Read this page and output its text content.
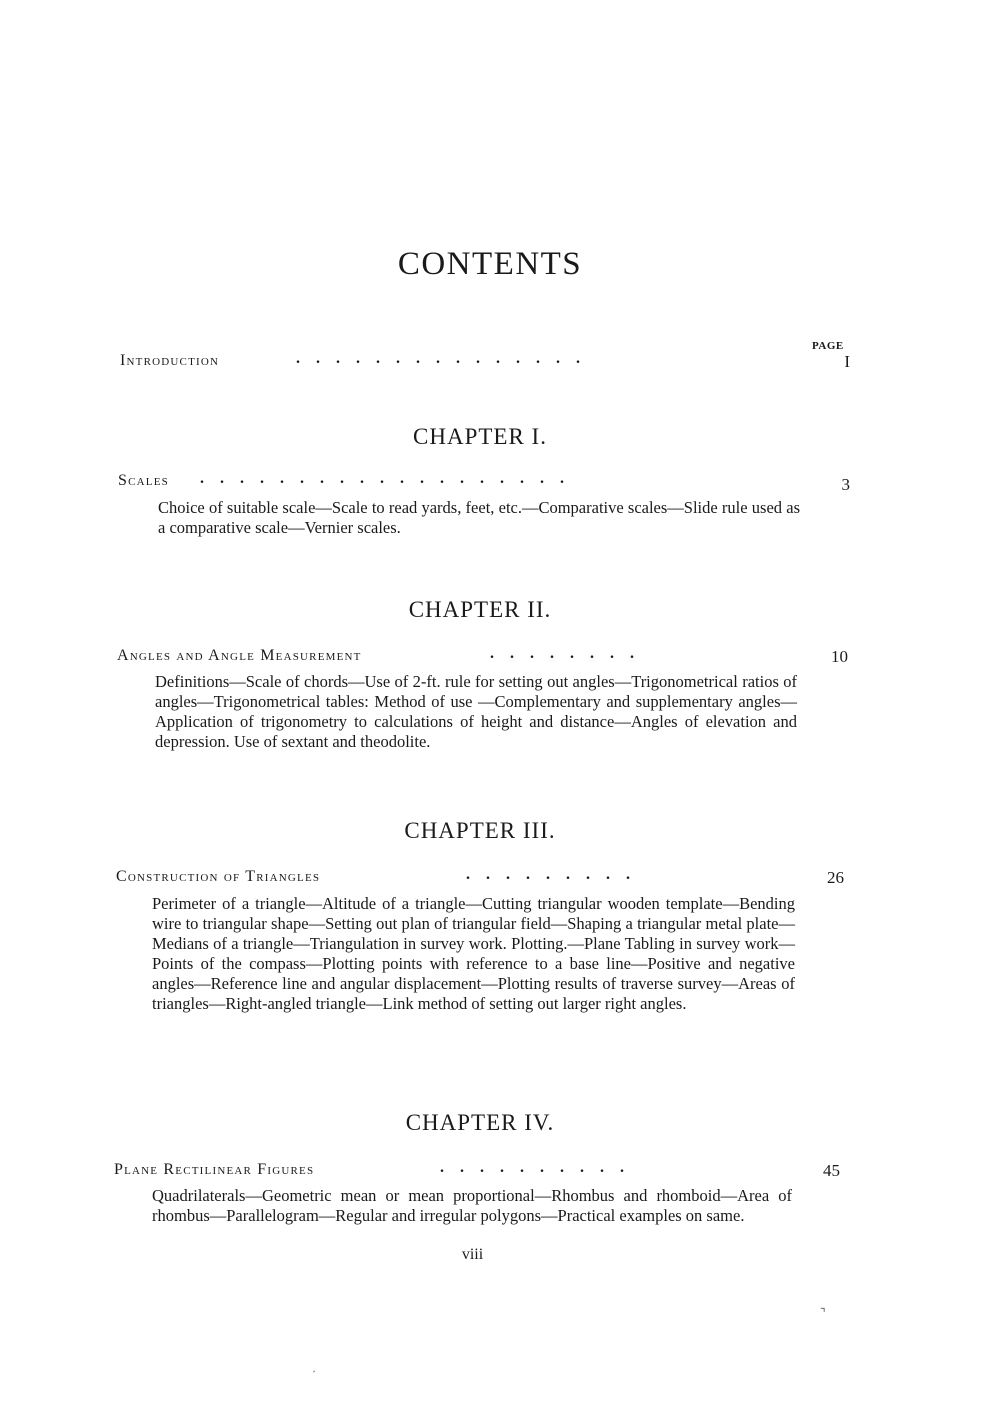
CONTENTS
PAGE
Introduction	.    .    .    .    .    .    .    .    .    .    .    .    .    .    .	I
CHAPTER I.
Scales .    .    .    .    .    .    .    .    .    .    .    .    .    .    .    .    .    .    .	3
Choice of suitable scale—Scale to read yards, feet, etc.—Comparative scales—Slide rule used as a comparative scale—Vernier scales.
CHAPTER II.
Angles and Angle Measurement	.    .    .    .    .    .    .    .	10
Definitions—Scale of chords—Use of 2-ft. rule for setting out angles—Trigonometrical ratios of angles—Trigonometrical tables: Method of use —Complementary and supplementary angles—Application of trigonometry to calculations of height and distance—Angles of elevation and depression. Use of sextant and theodolite.
CHAPTER III.
Construction of Triangles	.    .    .    .    .    .    .    .    .	26
Perimeter of a triangle—Altitude of a triangle—Cutting triangular wooden template—Bending wire to triangular shape—Setting out plan of triangular field—Shaping a triangular metal plate—Medians of a triangle—Triangulation in survey work. Plotting.—Plane Tabling in survey work—Points of the compass—Plotting points with reference to a base line—Positive and negative angles—Reference line and angular displacement—Plotting results of traverse survey—Areas of triangles—Right-angled triangle—Link method of setting out larger right angles.
CHAPTER IV.
Plane Rectilinear Figures	.    .    .    .    .    .    .    .    .    .	45
Quadrilaterals—Geometric mean or mean proportional—Rhombus and rhomboid—Area of rhombus—Parallelogram—Regular and irregular polygons—Practical examples on same.
viii
⌝
´
